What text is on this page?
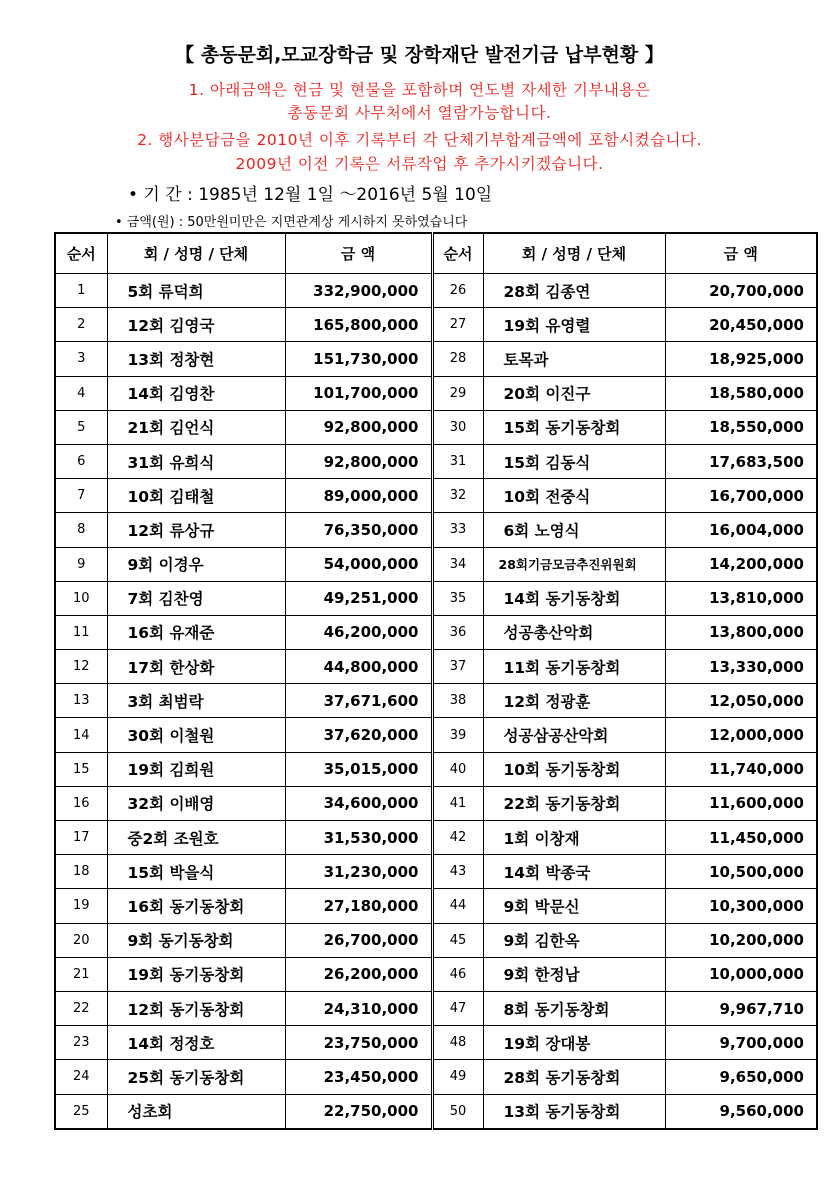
【 총동문회,모교장학금 및 장학재단 발전기금 납부현황 】
1. 아래금액은 현금 및 현물을 포함하며 연도별 자세한 기부내용은
총동문회 사무처에서 열람가능합니다.
2. 행사분담금을 2010년 이후 기록부터 각 단체기부합계금액에 포함시켰습니다.
2009년 이전 기록은 서류작업 후 추가시키겠습니다.
• 기 간 : 1985년 12월 1일 ～2016년 5월 10일
• 금액(원) : 50만원미만은 지면관계상 게시하지 못하였습니다
순서	회 / 성명 / 단체	금 액	순서	회 / 성명 / 단체	금 액
1	5회 류덕희	332,900,000	26	28회 김종연	20,700,000
2	12회 김영국	165,800,000	27	19회 유영렬	20,450,000
3	13회 정창현	151,730,000	28	토목과	18,925,000
4	14회 김영찬	101,700,000	29	20회 이진구	18,580,000
5	21회 김언식	92,800,000	30	15회 동기동창회	18,550,000
6	31회 유희식	92,800,000	31	15회 김동식	17,683,500
7	10회 김태철	89,000,000	32	10회 전중식	16,700,000
8	12회 류상규	76,350,000	33	6회 노영식	16,004,000
9	9회 이경우	54,000,000	34	28회기금모금추진위원회	14,200,000
10	7회 김찬영	49,251,000	35	14회 동기동창회	13,810,000
11	16회 유재준	46,200,000	36	성공총산악회	13,800,000
12	17회 한상화	44,800,000	37	11회 동기동창회	13,330,000
13	3회 최범락	37,671,600	38	12회 정광훈	12,050,000
14	30회 이철원	37,620,000	39	성공삼공산악회	12,000,000
15	19회 김희원	35,015,000	40	10회 동기동창회	11,740,000
16	32회 이배영	34,600,000	41	22회 동기동창회	11,600,000
17	중2회 조원호	31,530,000	42	1회 이창재	11,450,000
18	15회 박을식	31,230,000	43	14회 박종국	10,500,000
19	16회 동기동창회	27,180,000	44	9회 박문신	10,300,000
20	9회 동기동창회	26,700,000	45	9회 김한옥	10,200,000
21	19회 동기동창회	26,200,000	46	9회 한정남	10,000,000
22	12회 동기동창회	24,310,000	47	8회 동기동창회	9,967,710
23	14회 정정호	23,750,000	48	19회 장대봉	9,700,000
24	25회 동기동창회	23,450,000	49	28회 동기동창회	9,650,000
25	성초회	22,750,000	50	13회 동기동창회	9,560,000
